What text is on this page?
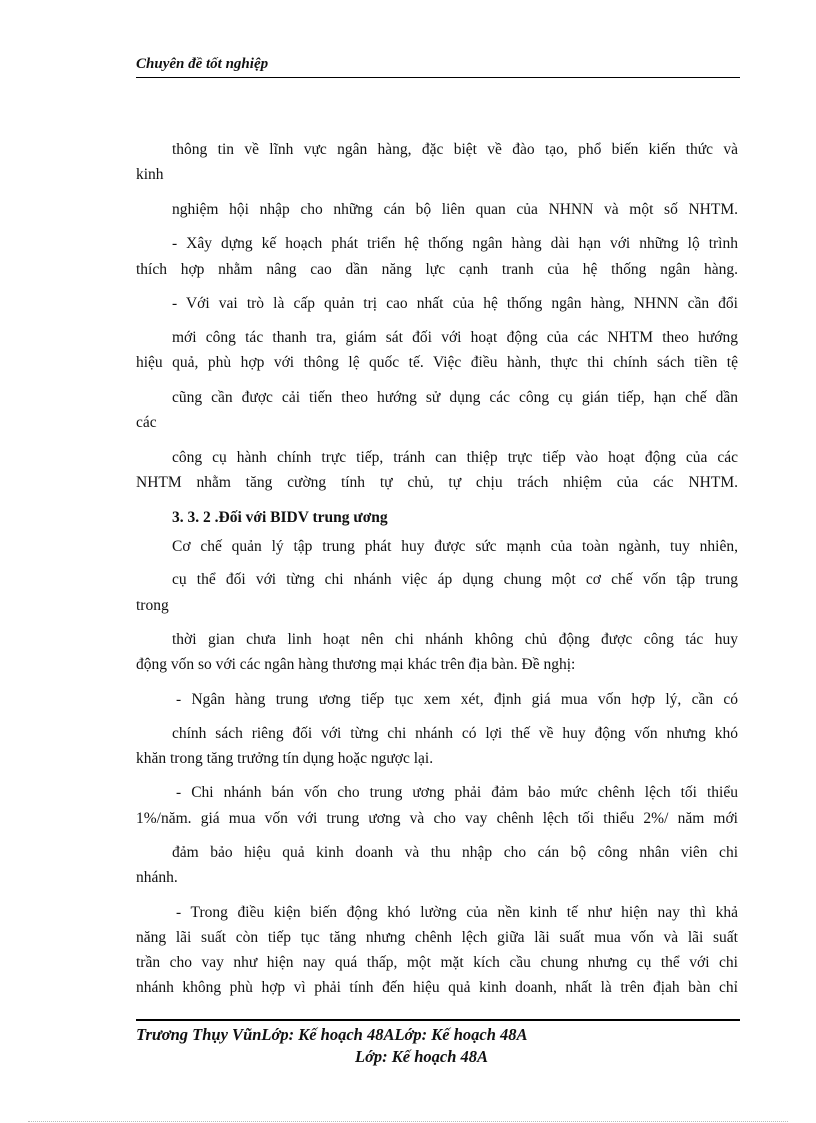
Chuyên đề tốt nghiệp
thông tin về lĩnh vực ngân hàng, đặc biệt về đào tạo, phổ biến kiến thức và
kinh
nghiệm hội nhập cho những cán bộ liên quan của NHNN và một số NHTM.
- Xây dựng kế hoạch phát triển hệ thống ngân hàng dài hạn với những lộ trình
thích hợp nhằm nâng cao dần năng lực cạnh tranh của hệ thống ngân hàng.
- Với vai trò là cấp quản trị cao nhất của hệ thống ngân hàng, NHNN cần đổi
mới công tác thanh tra, giám sát đối với hoạt động của các NHTM theo hướng
hiệu quả, phù hợp với thông lệ quốc tế. Việc điều hành, thực thi chính sách tiền tệ
cũng cần được cải tiến theo hướng sử dụng các công cụ gián tiếp, hạn chế dần
các
công cụ hành chính trực tiếp, tránh can thiệp trực tiếp vào hoạt động của các
NHTM nhằm tăng cường tính tự chủ, tự chịu trách nhiệm của các NHTM.
3. 3. 2 .Đối với BIDV trung ương
Cơ chế quản lý tập trung phát huy được sức mạnh của toàn ngành, tuy nhiên,
cụ thể đối với từng chi nhánh việc áp dụng chung một cơ chế vốn tập trung
trong
thời gian chưa linh hoạt nên chi nhánh không chủ động được công tác huy
động vốn so với các ngân hàng thương mại khác trên địa bàn. Đề nghị:
- Ngân hàng trung ương tiếp tục xem xét, định giá mua vốn hợp lý, cần có
chính sách riêng đối với từng chi nhánh có lợi thế về huy động vốn nhưng khó
khăn trong tăng trưởng tín dụng hoặc ngược lại.
- Chi nhánh bán vốn cho trung ương phải đảm bảo mức chênh lệch tối thiểu
1%/năm. giá mua vốn với trung ương và cho vay chênh lệch tối thiểu 2%/ năm mới
đảm bảo hiệu quả kinh doanh và thu nhập cho cán bộ công nhân viên chi
nhánh.
- Trong điều kiện biến động khó lường của nền kinh tế như hiện nay thì khả
năng lãi suất còn tiếp tục tăng nhưng chênh lệch giữa lãi suất mua vốn và lãi suất
trần cho vay như hiện nay quá thấp, một mặt kích cầu chung nhưng cụ thể với chi
nhánh không phù hợp vì phải tính đến hiệu quả kinh doanh, nhất là trên địah bàn chỉ
Trương Thụy VũnLớp: Kế hoạch 48ALớp: Kế hoạch 48A
Lớp: Kế hoạch 48A
